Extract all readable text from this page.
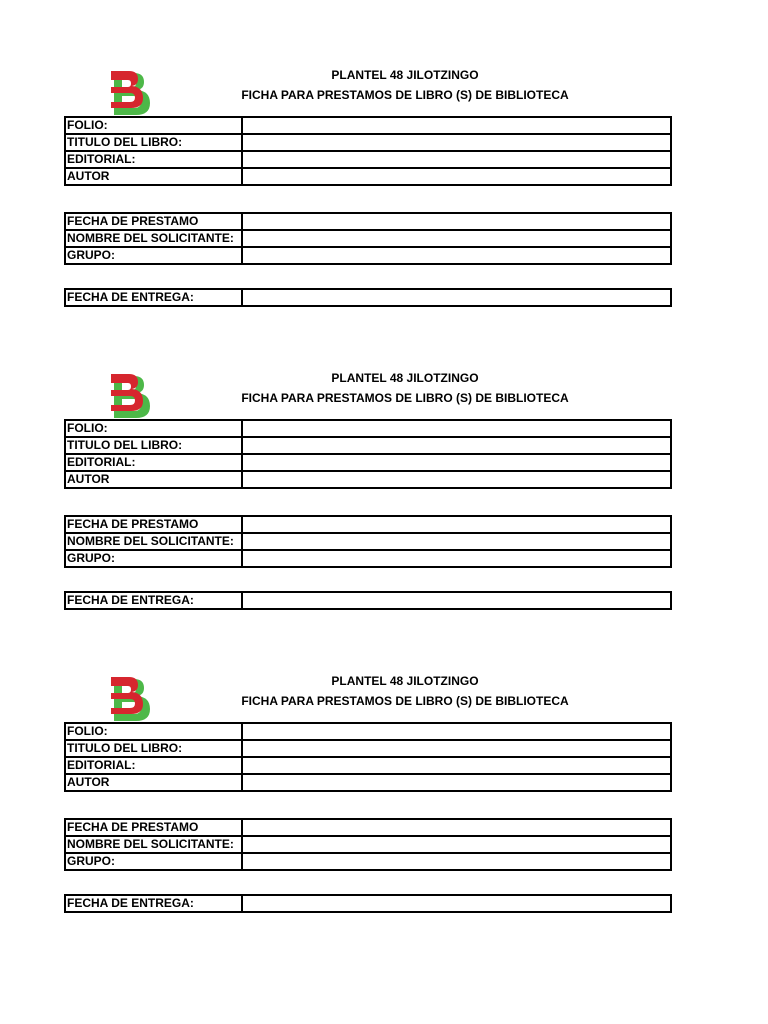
PLANTEL 48 JILOTZINGO
FICHA PARA PRESTAMOS DE LIBRO (S) DE BIBLIOTECA
FOLIO:	
TITULO DEL LIBRO:	
EDITORIAL:	
AUTOR	
FECHA DE PRESTAMO	
NOMBRE DEL SOLICITANTE:	
GRUPO:	
FECHA DE ENTREGA:	
PLANTEL 48 JILOTZINGO
FICHA PARA PRESTAMOS DE LIBRO (S) DE BIBLIOTECA
FOLIO:	
TITULO DEL LIBRO:	
EDITORIAL:	
AUTOR	
FECHA DE PRESTAMO	
NOMBRE DEL SOLICITANTE:	
GRUPO:	
FECHA DE ENTREGA:	
PLANTEL 48 JILOTZINGO
FICHA PARA PRESTAMOS DE LIBRO (S) DE BIBLIOTECA
FOLIO:	
TITULO DEL LIBRO:	
EDITORIAL:	
AUTOR	
FECHA DE PRESTAMO	
NOMBRE DEL SOLICITANTE:	
GRUPO:	
FECHA DE ENTREGA:	
